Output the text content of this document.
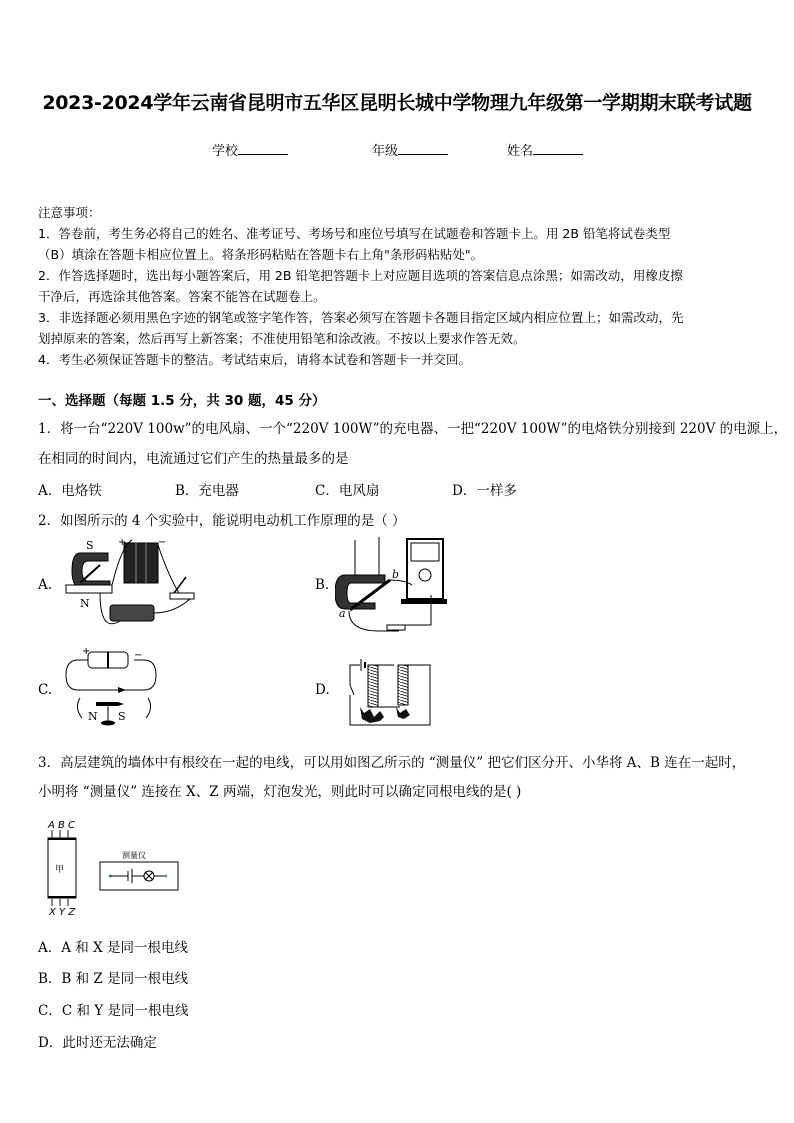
2023-2024学年云南省昆明市五华区昆明长城中学物理九年级第一学期期末联考试题
学校	年级	姓名
注意事项：
1．答卷前，考生务必将自己的姓名、准考证号、考场号和座位号填写在试题卷和答题卡上。用 2B 铅笔将试卷类型
（B）填涂在答题卡相应位置上。将条形码粘贴在答题卡右上角"条形码粘贴处"。
2．作答选择题时，选出每小题答案后，用 2B 铅笔把答题卡上对应题目选项的答案信息点涂黑；如需改动，用橡皮擦
干净后，再选涂其他答案。答案不能答在试题卷上。
3．非选择题必须用黑色字迹的钢笔或签字笔作答，答案必须写在答题卡各题目指定区域内相应位置上；如需改动，先
划掉原来的答案，然后再写上新答案；不准使用铅笔和涂改液。不按以上要求作答无效。
4．考生必须保证答题卡的整洁。考试结束后，请将本试卷和答题卡一并交回。
一、选择题（每题 1.5 分，共 30 题，45 分）
1．将一台“220V 100w”的电风扇、一个“220V 100W”的充电器、一把“220V 100W”的电烙铁分别接到 220V 的电源上，
在相同的时间内，电流通过它们产生的热量最多的是
A．电烙铁	B．充电器	C．电风扇	D．一样多
2．如图所示的 4 个实验中，能说明电动机工作原理的是（ ）
A.	B.
C.	D.
S
N
+	−
a
b
+	−
N S
3．高层建筑的墙体中有根绞在一起的电线，可以用如图乙所示的 “测量仪” 把它们区分开、小华将 A、B 连在一起时，
小明将 “测量仪” 连接在 X、Z 两端，灯泡发光，则此时可以确定同根电线的是( )
A B C
甲
X Y Z
测量仪
A．A 和 X 是同一根电线
B．B 和 Z 是同一根电线
C．C 和 Y 是同一根电线
D．此时还无法确定
